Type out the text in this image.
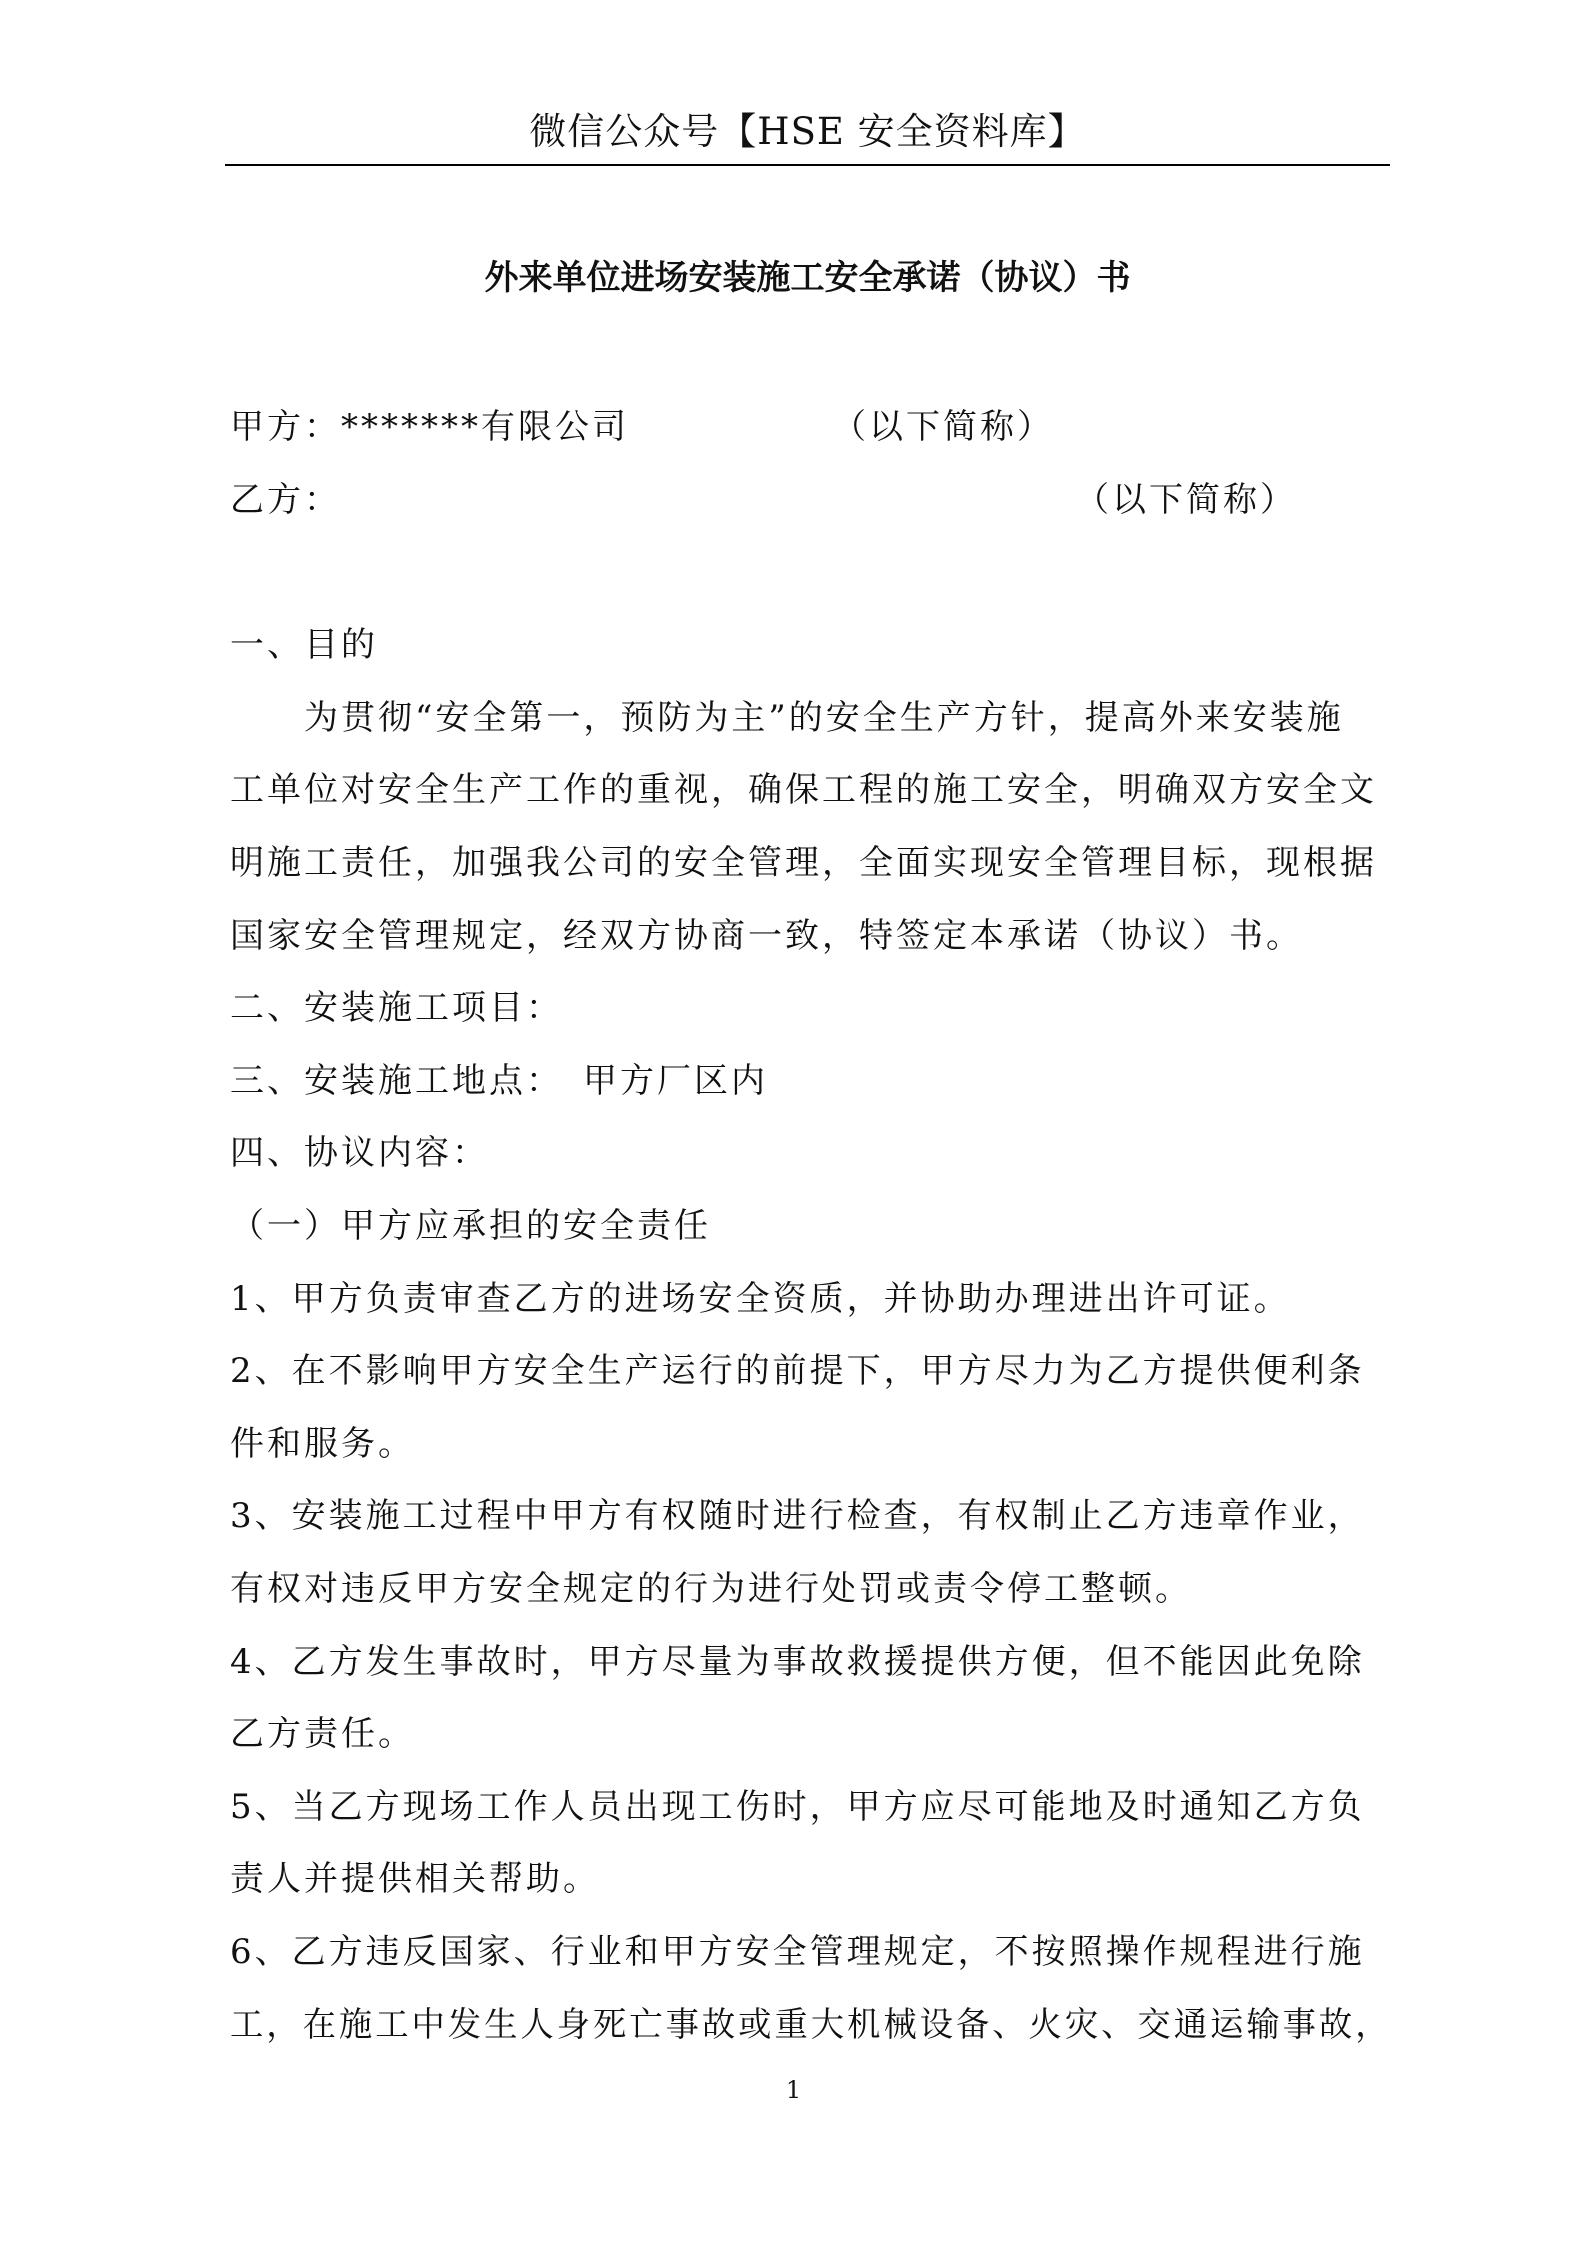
微信公众号【HSE 安全资料库】
外来单位进场安装施工安全承诺（协议）书
甲方：*******有限公司	（以下简称）
乙方：	（以下简称）
一、目的
　　为贯彻“安全第一，预防为主”的安全生产方针，提高外来安装施
工单位对安全生产工作的重视，确保工程的施工安全，明确双方安全文
明施工责任，加强我公司的安全管理，全面实现安全管理目标，现根据
国家安全管理规定，经双方协商一致，特签定本承诺（协议）书。
二、安装施工项目：
三、安装施工地点：　甲方厂区内
四、协议内容：
（一）甲方应承担的安全责任
1、甲方负责审查乙方的进场安全资质，并协助办理进出许可证。
2、在不影响甲方安全生产运行的前提下，甲方尽力为乙方提供便利条
件和服务。
3、安装施工过程中甲方有权随时进行检查，有权制止乙方违章作业，
有权对违反甲方安全规定的行为进行处罚或责令停工整顿。
4、乙方发生事故时，甲方尽量为事故救援提供方便，但不能因此免除
乙方责任。
5、当乙方现场工作人员出现工伤时，甲方应尽可能地及时通知乙方负
责人并提供相关帮助。
6、乙方违反国家、行业和甲方安全管理规定，不按照操作规程进行施
工，在施工中发生人身死亡事故或重大机械设备、火灾、交通运输事故，
1
